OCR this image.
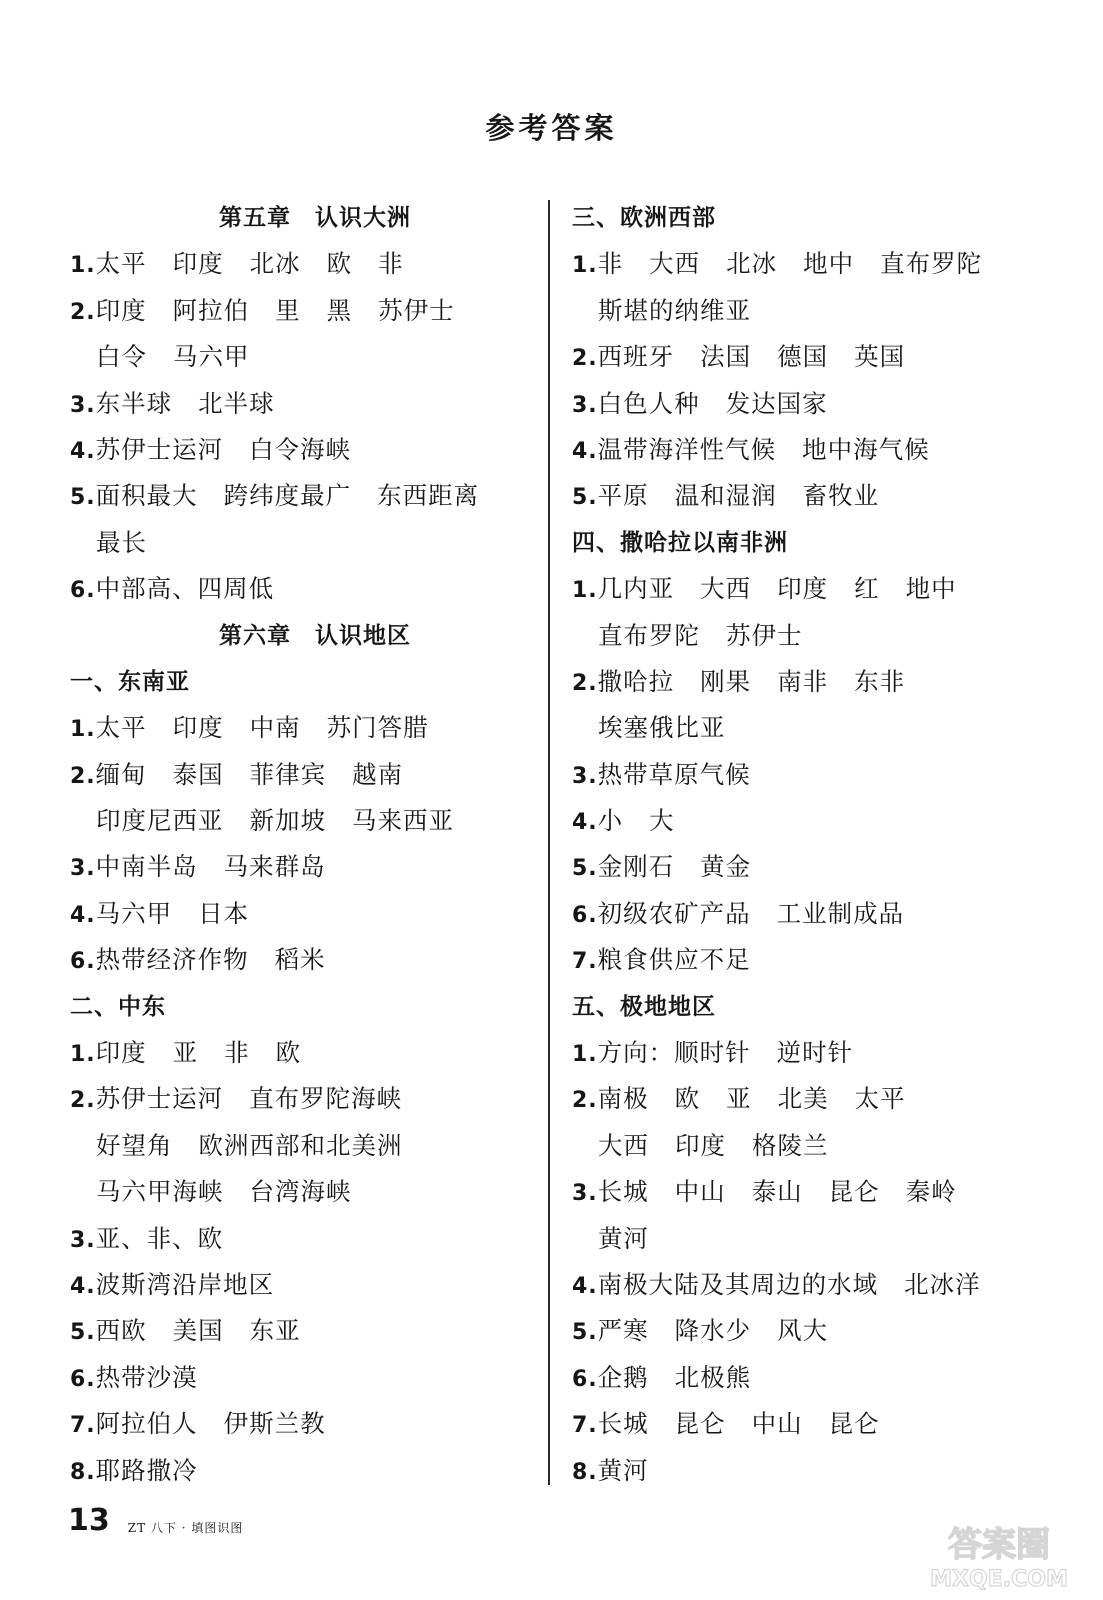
参考答案
第五章　认识大洲
1.太平 印度 北冰 欧 非
2.印度 阿拉伯 里 黑 苏伊士
白令 马六甲
3.东半球 北半球
4.苏伊士运河 白令海峡
5.面积最大 跨纬度最广 东西距离
最长
6.中部高、四周低
第六章　认识地区
一、东南亚
1.太平 印度 中南 苏门答腊
2.缅甸 泰国 菲律宾 越南
印度尼西亚 新加坡 马来西亚
3.中南半岛 马来群岛
4.马六甲 日本
6.热带经济作物 稻米
二、中东
1.印度 亚 非 欧
2.苏伊士运河 直布罗陀海峡
好望角 欧洲西部和北美洲
马六甲海峡 台湾海峡
3.亚、非、欧
4.波斯湾沿岸地区
5.西欧 美国 东亚
6.热带沙漠
7.阿拉伯人 伊斯兰教
8.耶路撒冷
三、欧洲西部
1.非 大西 北冰 地中 直布罗陀
斯堪的纳维亚
2.西班牙 法国 德国 英国
3.白色人种 发达国家
4.温带海洋性气候 地中海气候
5.平原 温和湿润 畜牧业
四、撒哈拉以南非洲
1.几内亚 大西 印度 红 地中
直布罗陀 苏伊士
2.撒哈拉 刚果 南非 东非
埃塞俄比亚
3.热带草原气候
4.小 大
5.金刚石 黄金
6.初级农矿产品 工业制成品
7.粮食供应不足
五、极地地区
1.方向：顺时针 逆时针
2.南极 欧 亚 北美 太平
大西 印度 格陵兰
3.长城 中山 泰山 昆仑 秦岭
黄河
4.南极大陆及其周边的水域 北冰洋
5.严寒 降水少 风大
6.企鹅 北极熊
7.长城 昆仑 中山 昆仑
8.黄河
13 ZT 八下 · 填图识图	答案圈
MXQE.COM
